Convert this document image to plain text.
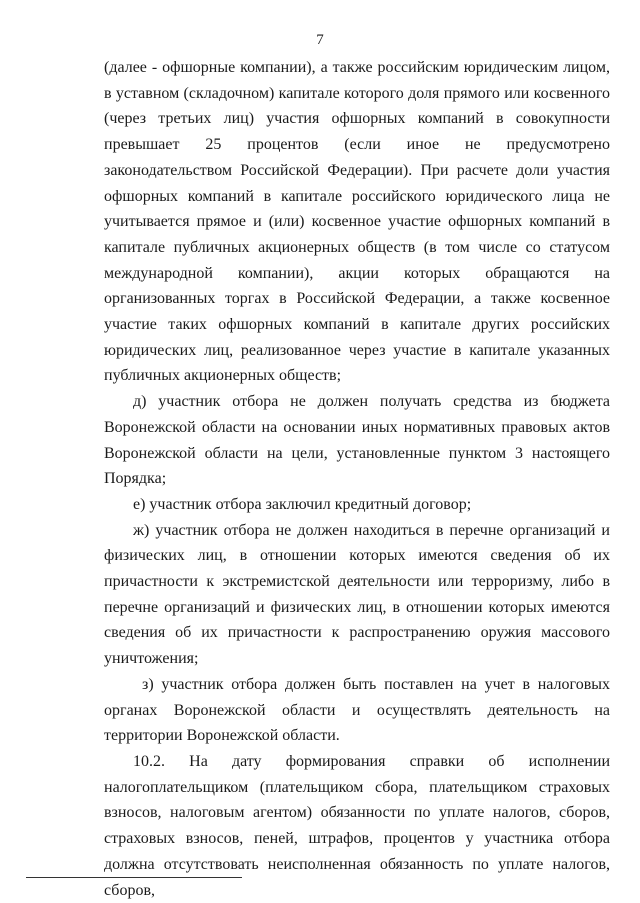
7

(далее - офшорные компании), а также российским юридическим лицом, в уставном (складочном) капитале которого доля прямого или косвенного (через третьих лиц) участия офшорных компаний в совокупности превышает 25 процентов (если иное не предусмотрено законодательством Российской Федерации). При расчете доли участия офшорных компаний в капитале российского юридического лица не учитывается прямое и (или) косвенное участие офшорных компаний в капитале публичных акционерных обществ (в том числе со статусом международной компании), акции которых обращаются на организованных торгах в Российской Федерации, а также косвенное участие таких офшорных компаний в капитале других российских юридических лиц, реализованное через участие в капитале указанных публичных акционерных обществ;

д) участник отбора не должен получать средства из бюджета Воронежской области на основании иных нормативных правовых актов Воронежской области на цели, установленные пунктом 3 настоящего Порядка;

е) участник отбора заключил кредитный договор;

ж) участник отбора не должен находиться в перечне организаций и физических лиц, в отношении которых имеются сведения об их причастности к экстремистской деятельности или терроризму, либо в перечне организаций и физических лиц, в отношении которых имеются сведения об их причастности к распространению оружия массового уничтожения;

з) участник отбора должен быть поставлен на учет в налоговых органах Воронежской области и осуществлять деятельность на территории Воронежской области.

10.2. На дату формирования справки об исполнении налогоплательщиком (плательщиком сбора, плательщиком страховых взносов, налоговым агентом) обязанности по уплате налогов, сборов, страховых взносов, пеней, штрафов, процентов у участника отбора должна отсутствовать неисполненная обязанность по уплате налогов, сборов,
